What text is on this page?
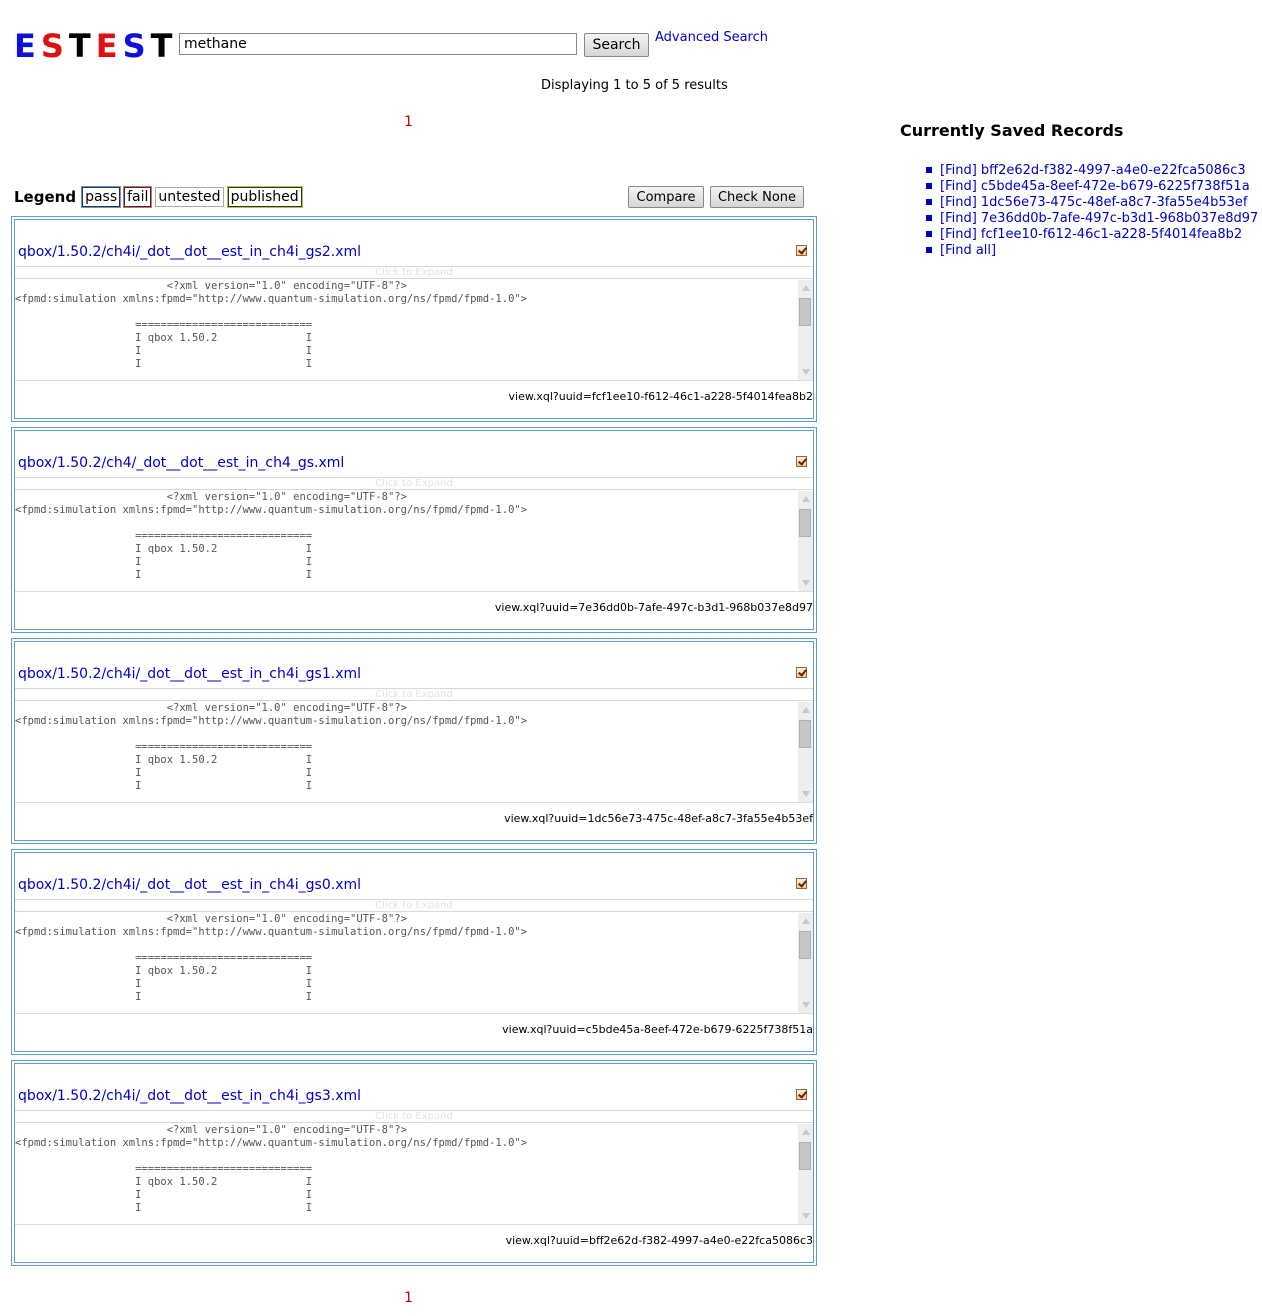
ESTEST
methane	Search	Advanced Search
Displaying 1 to 5 of 5 results
1
Legend pass fail untested published	Compare	Check None
qbox/1.50.2/ch4i/_dot__dot__est_in_ch4i_gs2.xml
Click to Expand
<?xml version="1.0" encoding="UTF-8"?>
<fpmd:simulation xmlns:fpmd="http://www.quantum-simulation.org/ns/fpmd/fpmd-1.0">

============================
I qbox 1.50.2              I
I                          I
I                          I
view.xql?uuid=fcf1ee10-f612-46c1-a228-5f4014fea8b2
qbox/1.50.2/ch4/_dot__dot__est_in_ch4_gs.xml
Click to Expand
<?xml version="1.0" encoding="UTF-8"?>
<fpmd:simulation xmlns:fpmd="http://www.quantum-simulation.org/ns/fpmd/fpmd-1.0">

============================
I qbox 1.50.2              I
I                          I
I                          I
view.xql?uuid=7e36dd0b-7afe-497c-b3d1-968b037e8d97
qbox/1.50.2/ch4i/_dot__dot__est_in_ch4i_gs1.xml
Click to Expand
<?xml version="1.0" encoding="UTF-8"?>
<fpmd:simulation xmlns:fpmd="http://www.quantum-simulation.org/ns/fpmd/fpmd-1.0">

============================
I qbox 1.50.2              I
I                          I
I                          I
view.xql?uuid=1dc56e73-475c-48ef-a8c7-3fa55e4b53ef
qbox/1.50.2/ch4i/_dot__dot__est_in_ch4i_gs0.xml
Click to Expand
<?xml version="1.0" encoding="UTF-8"?>
<fpmd:simulation xmlns:fpmd="http://www.quantum-simulation.org/ns/fpmd/fpmd-1.0">

============================
I qbox 1.50.2              I
I                          I
I                          I
view.xql?uuid=c5bde45a-8eef-472e-b679-6225f738f51a
qbox/1.50.2/ch4i/_dot__dot__est_in_ch4i_gs3.xml
Click to Expand
<?xml version="1.0" encoding="UTF-8"?>
<fpmd:simulation xmlns:fpmd="http://www.quantum-simulation.org/ns/fpmd/fpmd-1.0">

============================
I qbox 1.50.2              I
I                          I
I                          I
view.xql?uuid=bff2e62d-f382-4997-a4e0-e22fca5086c3
1
Currently Saved Records
[Find] bff2e62d-f382-4997-a4e0-e22fca5086c3
[Find] c5bde45a-8eef-472e-b679-6225f738f51a
[Find] 1dc56e73-475c-48ef-a8c7-3fa55e4b53ef
[Find] 7e36dd0b-7afe-497c-b3d1-968b037e8d97
[Find] fcf1ee10-f612-46c1-a228-5f4014fea8b2
[Find all]
